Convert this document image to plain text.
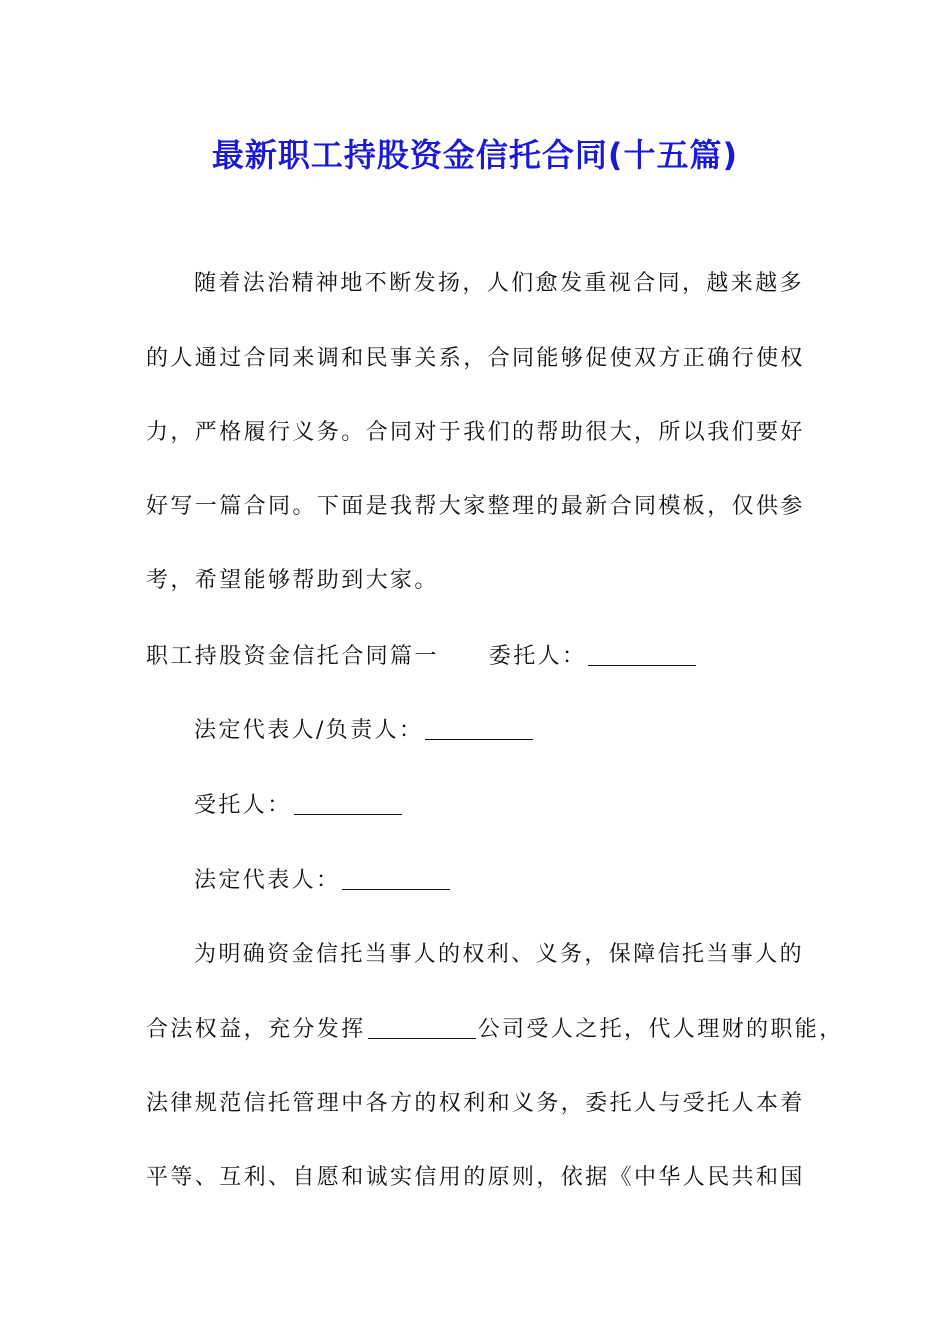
最新职工持股资金信托合同(十五篇)
随着法治精神地不断发扬，人们愈发重视合同，越来越多
的人通过合同来调和民事关系，合同能够促使双方正确行使权
力，严格履行义务。合同对于我们的帮助很大，所以我们要好
好写一篇合同。下面是我帮大家整理的最新合同模板，仅供参
考，希望能够帮助到大家。
职工持股资金信托合同篇一 委托人：
法定代表人/负责人：
受托人：
法定代表人：
为明确资金信托当事人的权利、义务，保障信托当事人的
合法权益，充分发挥	公司受人之托，代人理财的职能，
法律规范信托管理中各方的权利和义务，委托人与受托人本着
平等、互利、自愿和诚实信用的原则，依据《中华人民共和国
